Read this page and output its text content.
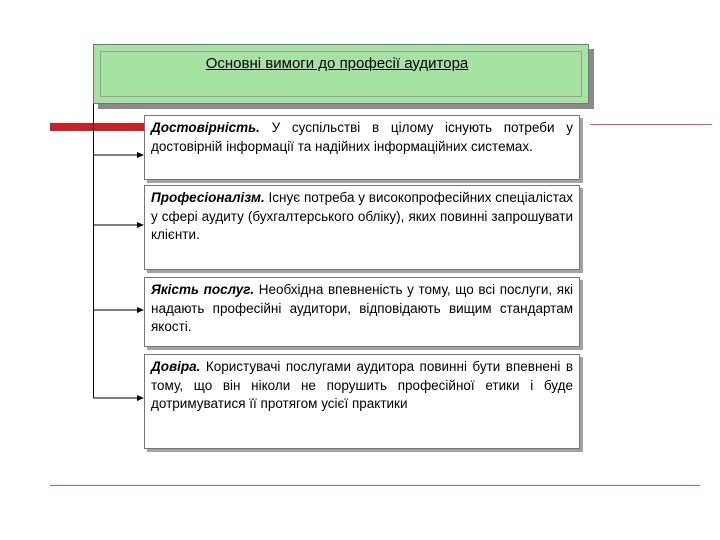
Основні вимоги до професії аудитора
Достовірність. У суспільстві в цілому існують потреби у достовірній інформації та надійних інформаційних системах.
Професіоналізм. Існує потреба у високопрофесійних спеціалістах у сфері аудиту (бухгалтерського обліку), яких повинні запрошувати клієнти.
Якість послуг. Необхідна впевненість у тому, що всі послуги, які надають професійні аудитори, відповідають вищим стандартам якості.
Довіра. Користувачі послугами аудитора повинні бути впевнені в тому, що він ніколи не порушить професійної етики і буде дотримуватися її протягом усієї практики
